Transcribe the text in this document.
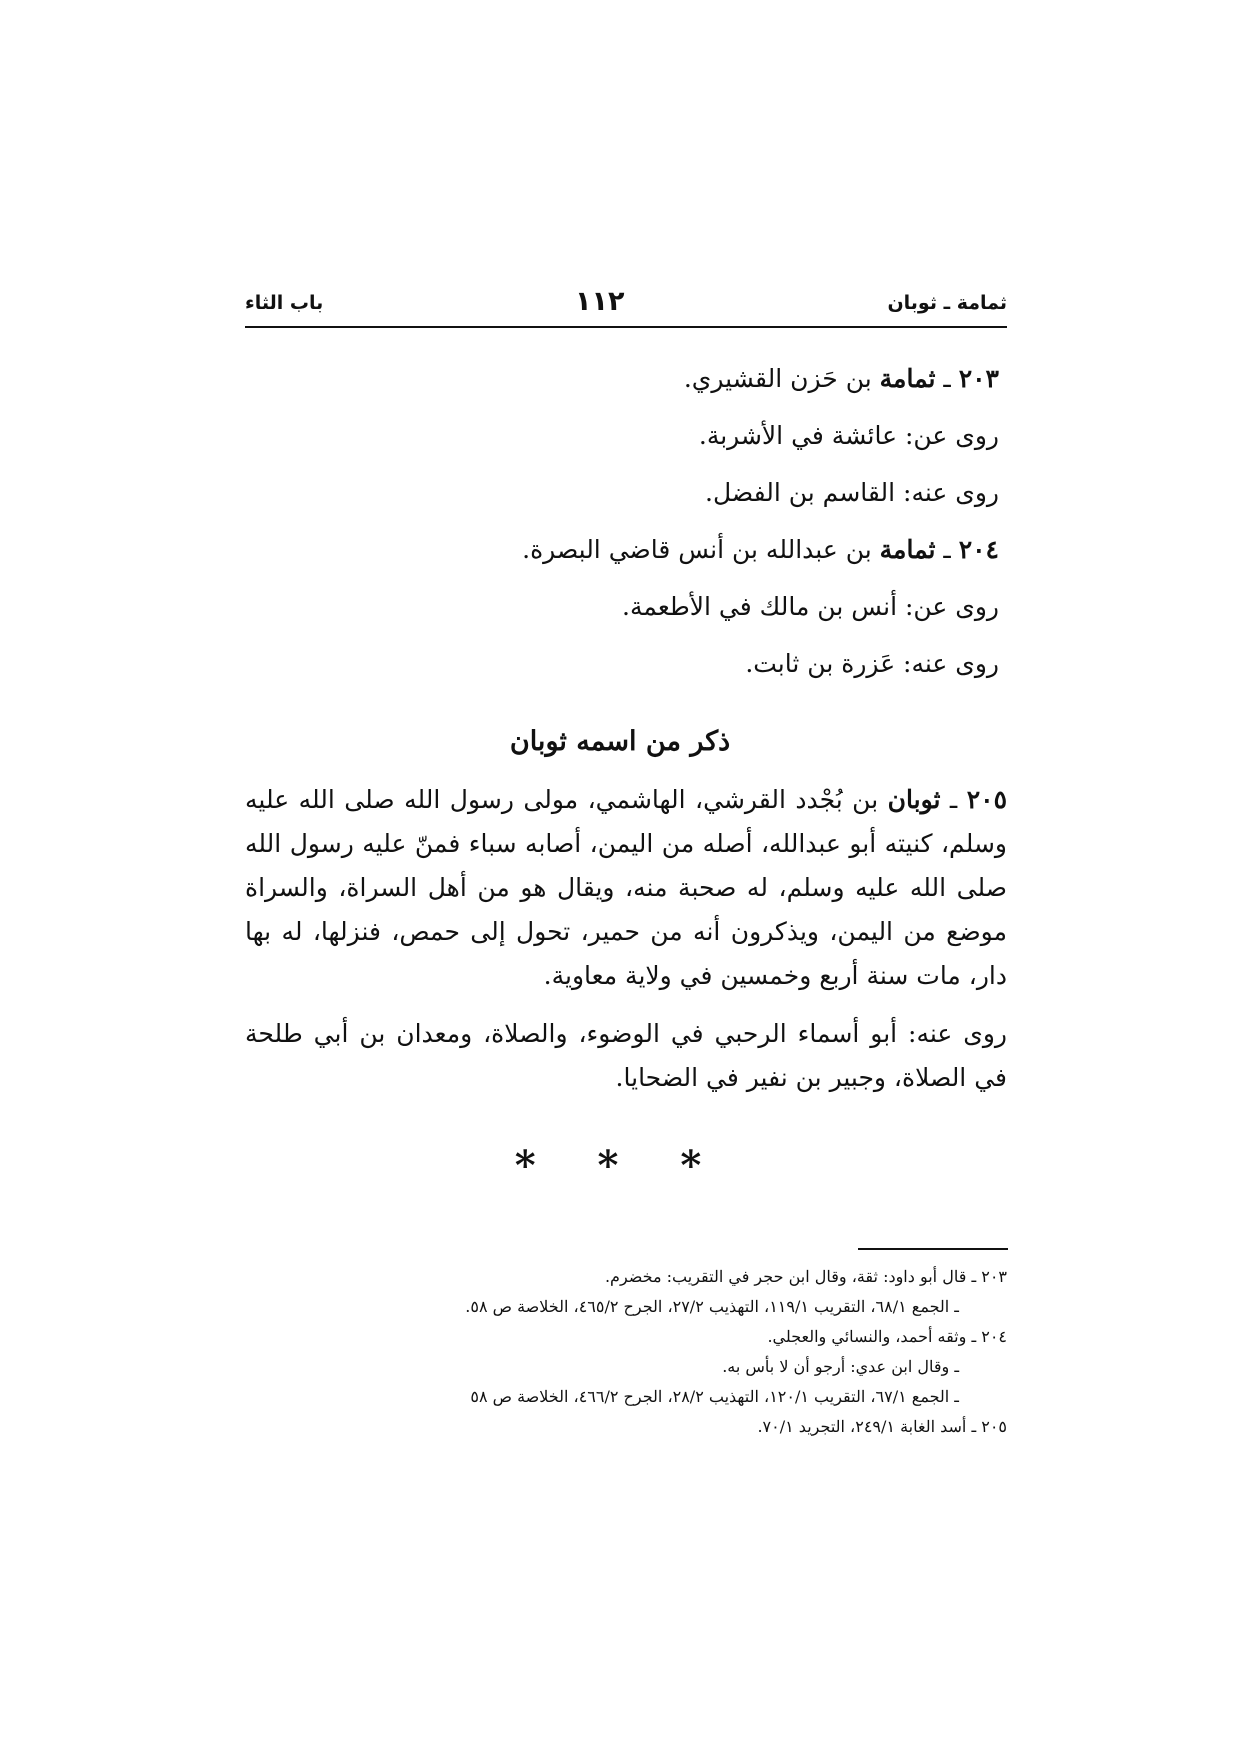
ثمامة ـ ثوبان
١١٢
باب الثاء

٢٠٣ ـ ثمامة بن حَزن القشيري.

روى عن: عائشة في الأشربة.

روى عنه: القاسم بن الفضل.

٢٠٤ ـ ثمامة بن عبدالله بن أنس قاضي البصرة.

روى عن: أنس بن مالك في الأطعمة.

روى عنه: عَزرة بن ثابت.

ذكر من اسمه ثوبان

٢٠٥ ـ ثوبان بن بُجْدد القرشي، الهاشمي، مولى رسول الله صلى الله عليه وسلم، كنيته أبو عبدالله، أصله من اليمن، أصابه سباء فمنّ عليه رسول الله صلى الله عليه وسلم، له صحبة منه، ويقال هو من أهل السراة، والسراة موضع من اليمن، ويذكرون أنه من حمير، تحول إلى حمص، فنزلها، له بها دار، مات سنة أربع وخمسين في ولاية معاوية.

روى عنه: أبو أسماء الرحبي في الوضوء، والصلاة، ومعدان بن أبي طلحة في الصلاة، وجبير بن نفير في الضحايا.

* * *

٢٠٣ ـ قال أبو داود: ثقة، وقال ابن حجر في التقريب: مخضرم.

ـ الجمع ٦٨/١، التقريب ١١٩/١، التهذيب ٢٧/٢، الجرح ٤٦٥/٢، الخلاصة ص ٥٨.

٢٠٤ ـ وثقه أحمد، والنسائي والعجلي.

ـ وقال ابن عدي: أرجو أن لا بأس به.

ـ الجمع ٦٧/١، التقريب ١٢٠/١، التهذيب ٢٨/٢، الجرح ٤٦٦/٢، الخلاصة ص ٥٨

٢٠٥ ـ أسد الغابة ٢٤٩/١، التجريد ٧٠/١.
